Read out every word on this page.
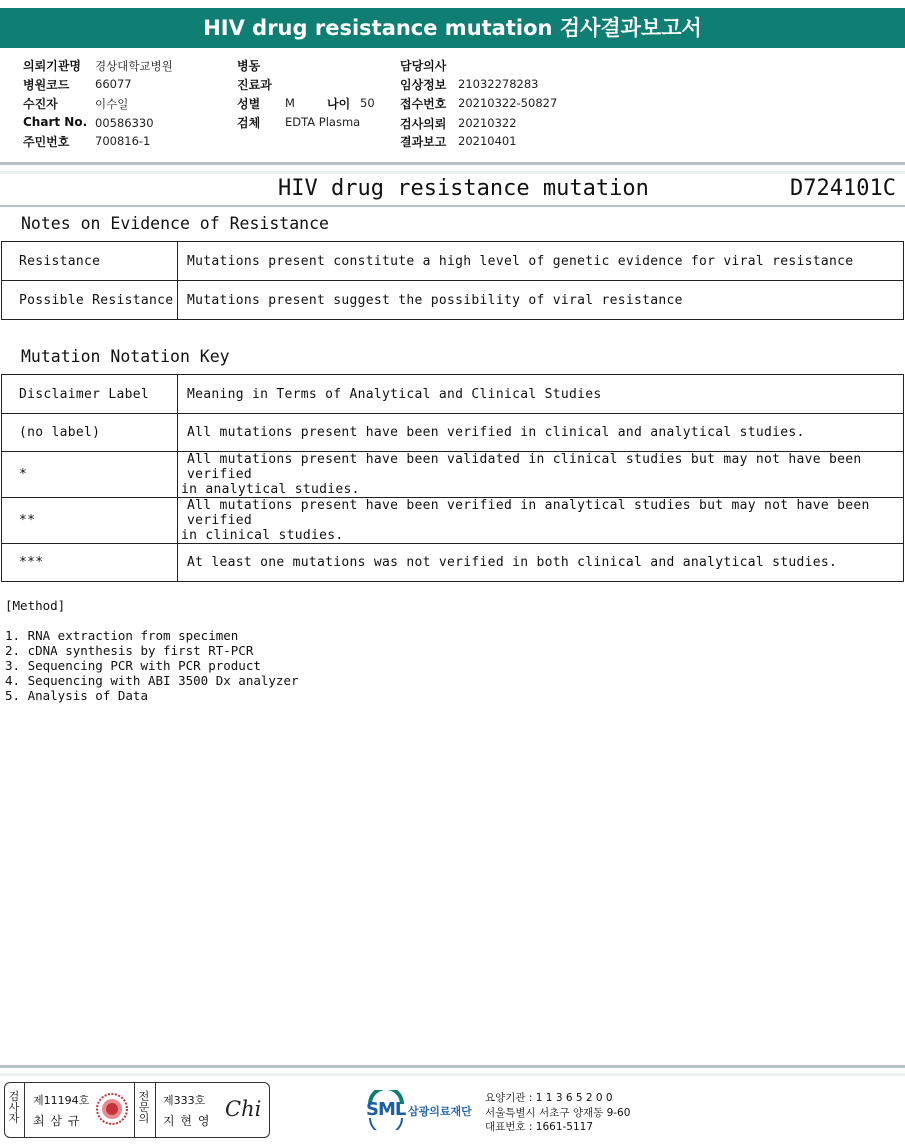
HIV drug resistance mutation 검사결과보고서
의뢰기관명 경상대학교병원
병원코드 66077
수진자	이수일
Chart No. 00586330
주민번호 700816-1
병동
진료과
성별 M	나이 50
검체 EDTA Plasma
담당의사
임상정보 21032278283
접수번호 20210322-50827
검사의뢰 20210322
결과보고 20210401
HIV drug resistance mutation	D724101C
Notes on Evidence of Resistance
Resistance	Mutations present constitute a high level of genetic evidence for viral resistance
Possible Resistance	Mutations present suggest the possibility of viral resistance
Mutation Notation Key
Disclaimer Label	Meaning in Terms of Analytical and Clinical Studies
(no label)	All mutations present have been verified in clinical and analytical studies.
*	All mutations present have been validated in clinical studies but may not have been verified
in analytical studies.

**	All mutations present have been verified in analytical studies but may not have been verified
in clinical studies.

***	At least one mutations was not verified in both clinical and analytical studies.
[Method]
1. RNA extraction from specimen
2. cDNA synthesis by first RT-PCR
3. Sequencing PCR with PCR product
4. Sequencing with ABI 3500 Dx analyzer
5. Analysis of Data
검
사
자
제11194호
최 삼 규
전
문
의
제333호
지 현 영 Chi	SML 삼광의료재단
요양기관 : 1 1 3 6 5 2 0 0
서울특별시 서초구 양재동 9-60
대표번호 : 1661-5117
